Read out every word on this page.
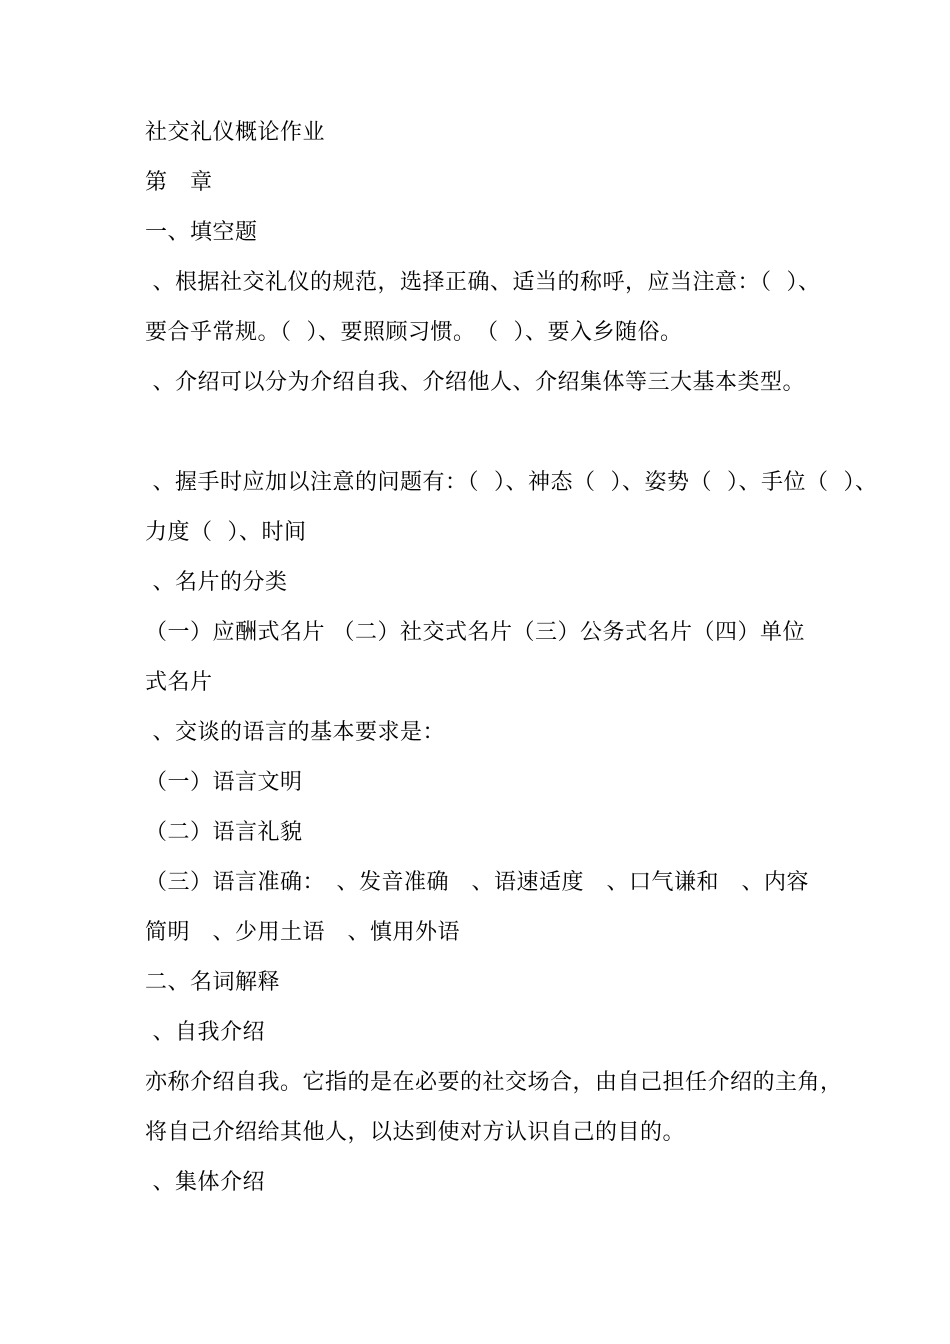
社交礼仪概论作业
第　章
一、填空题
、根据社交礼仪的规范，选择正确、适当的称呼，应当注意：（  ）、
要合乎常规。（  ）、要照顾习惯。　（  ）、要入乡随俗。
、介绍可以分为介绍自我、介绍他人、介绍集体等三大基本类型。
、握手时应加以注意的问题有：（  ）、神态（  ）、姿势（  ）、手位（  ）、
力度（  ）、时间
、名片的分类
（一）应酬式名片 （二）社交式名片（三）公务式名片（四）单位
式名片
、交谈的语言的基本要求是：
（一）语言文明
（二）语言礼貌
（三）语言准确：　、发音准确　、语速适度　、口气谦和　、内容
简明　、少用土语　、慎用外语
二、名词解释
、自我介绍
亦称介绍自我。它指的是在必要的社交场合，由自己担任介绍的主角，
将自己介绍给其他人，以达到使对方认识自己的目的。
、集体介绍
